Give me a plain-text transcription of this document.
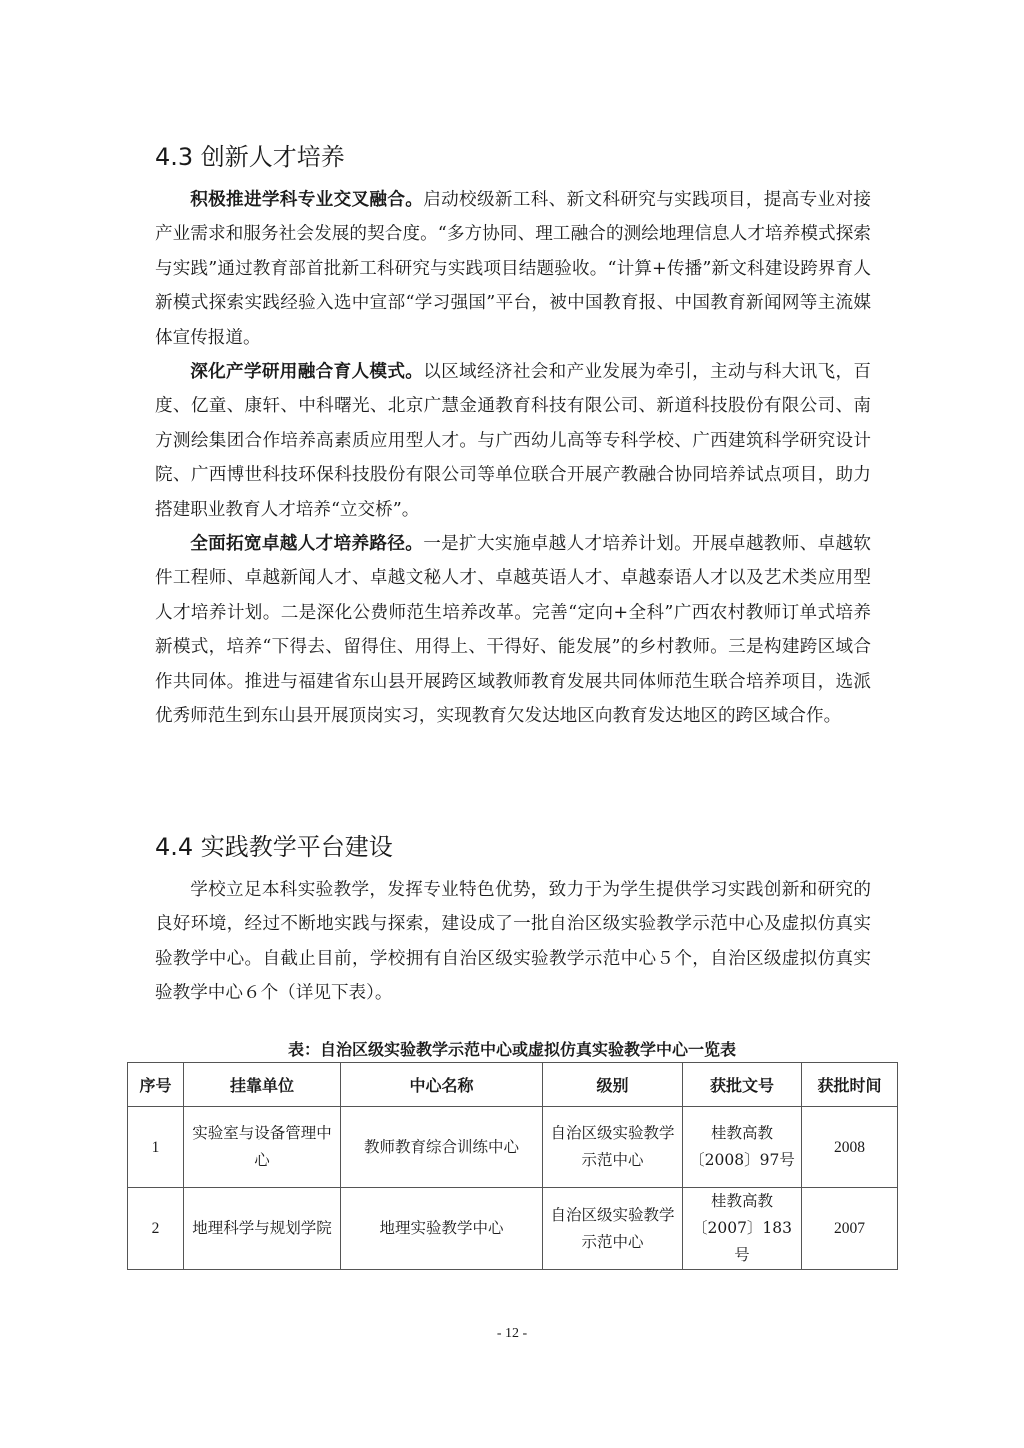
4.3 创新人才培养

积极推进学科专业交叉融合。启动校级新工科、新文科研究与实践项目，提高专业对接产业需求和服务社会发展的契合度。“多方协同、理工融合的测绘地理信息人才培养模式探索与实践”通过教育部首批新工科研究与实践项目结题验收。“计算+传播”新文科建设跨界育人新模式探索实践经验入选中宣部“学习强国”平台，被中国教育报、中国教育新闻网等主流媒体宣传报道。

深化产学研用融合育人模式。以区域经济社会和产业发展为牵引，主动与科大讯飞，百度、亿童、康轩、中科曙光、北京广慧金通教育科技有限公司、新道科技股份有限公司、南方测绘集团合作培养高素质应用型人才。与广西幼儿高等专科学校、广西建筑科学研究设计院、广西博世科技环保科技股份有限公司等单位联合开展产教融合协同培养试点项目，助力搭建职业教育人才培养“立交桥”。

全面拓宽卓越人才培养路径。一是扩大实施卓越人才培养计划。开展卓越教师、卓越软件工程师、卓越新闻人才、卓越文秘人才、卓越英语人才、卓越泰语人才以及艺术类应用型人才培养计划。二是深化公费师范生培养改革。完善“定向+全科”广西农村教师订单式培养新模式，培养“下得去、留得住、用得上、干得好、能发展”的乡村教师。三是构建跨区域合作共同体。推进与福建省东山县开展跨区域教师教育发展共同体师范生联合培养项目，选派优秀师范生到东山县开展顶岗实习，实现教育欠发达地区向教育发达地区的跨区域合作。

4.4 实践教学平台建设

学校立足本科实验教学，发挥专业特色优势，致力于为学生提供学习实践创新和研究的良好环境，经过不断地实践与探索，建设成了一批自治区级实验教学示范中心及虚拟仿真实验教学中心。自截止目前，学校拥有自治区级实验教学示范中心５个，自治区级虚拟仿真实验教学中心６个（详见下表）。

表：自治区级实验教学示范中心或虚拟仿真实验教学中心一览表

序号	挂靠单位	中心名称	级别	获批文号	获批时间
1	实验室与设备管理中心	教师教育综合训练中心	自治区级实验教学示范中心	桂教高教〔2008〕97号	2008
2	地理科学与规划学院	地理实验教学中心	自治区级实验教学示范中心	桂教高教〔2007〕183号	2007
- 12 -
